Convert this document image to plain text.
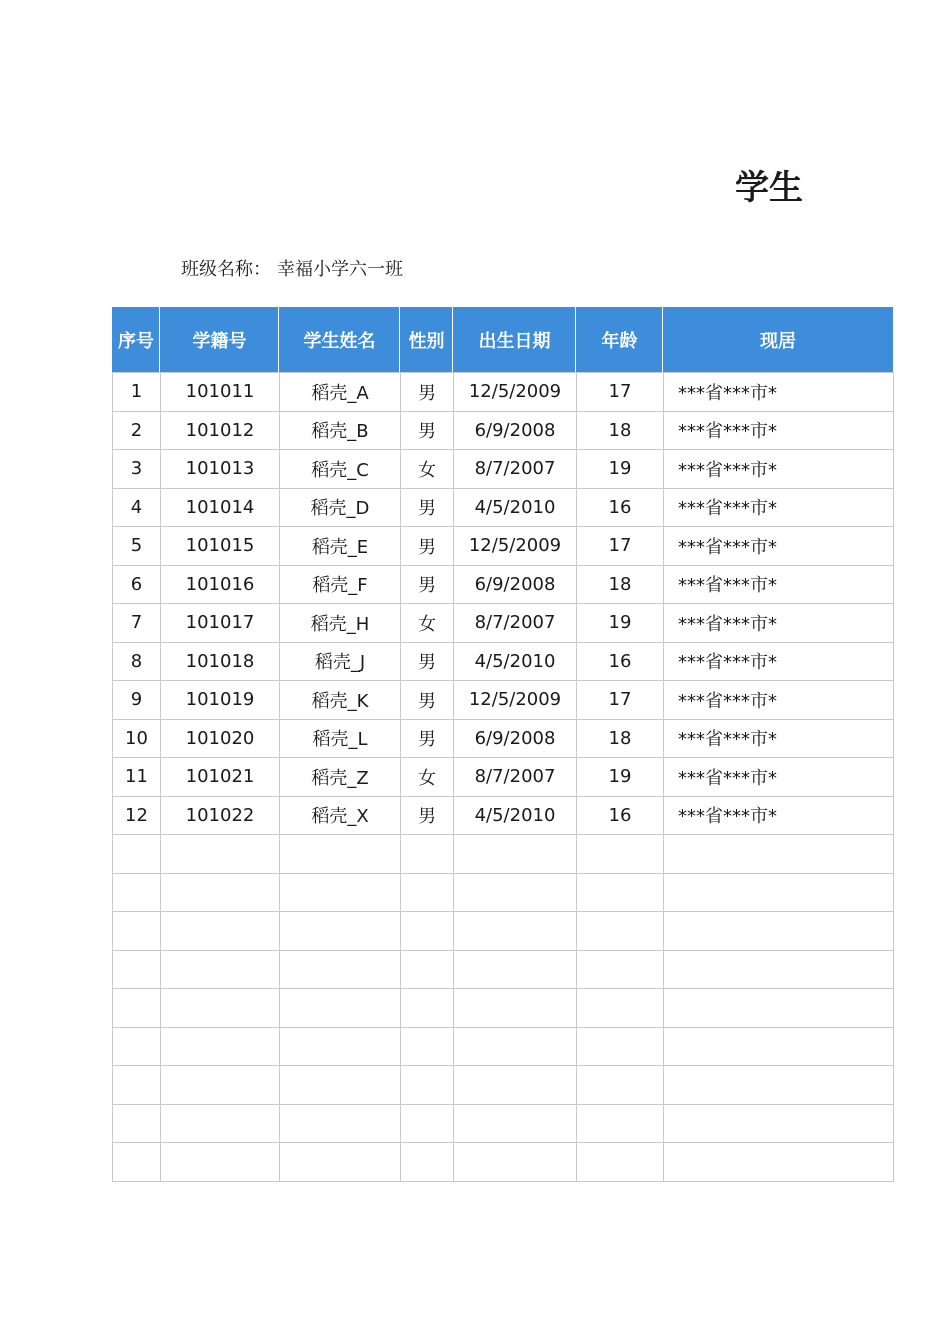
学生
班级名称： 幸福小学六一班
序号	学籍号	学生姓名	性别	出生日期	年龄	现居
1	101011	稻壳_A	男	12/5/2009	17	***省***市*
2	101012	稻壳_B	男	6/9/2008	18	***省***市*
3	101013	稻壳_C	女	8/7/2007	19	***省***市*
4	101014	稻壳_D	男	4/5/2010	16	***省***市*
5	101015	稻壳_E	男	12/5/2009	17	***省***市*
6	101016	稻壳_F	男	6/9/2008	18	***省***市*
7	101017	稻壳_H	女	8/7/2007	19	***省***市*
8	101018	稻壳_J	男	4/5/2010	16	***省***市*
9	101019	稻壳_K	男	12/5/2009	17	***省***市*
10	101020	稻壳_L	男	6/9/2008	18	***省***市*
11	101021	稻壳_Z	女	8/7/2007	19	***省***市*
12	101022	稻壳_X	男	4/5/2010	16	***省***市*
